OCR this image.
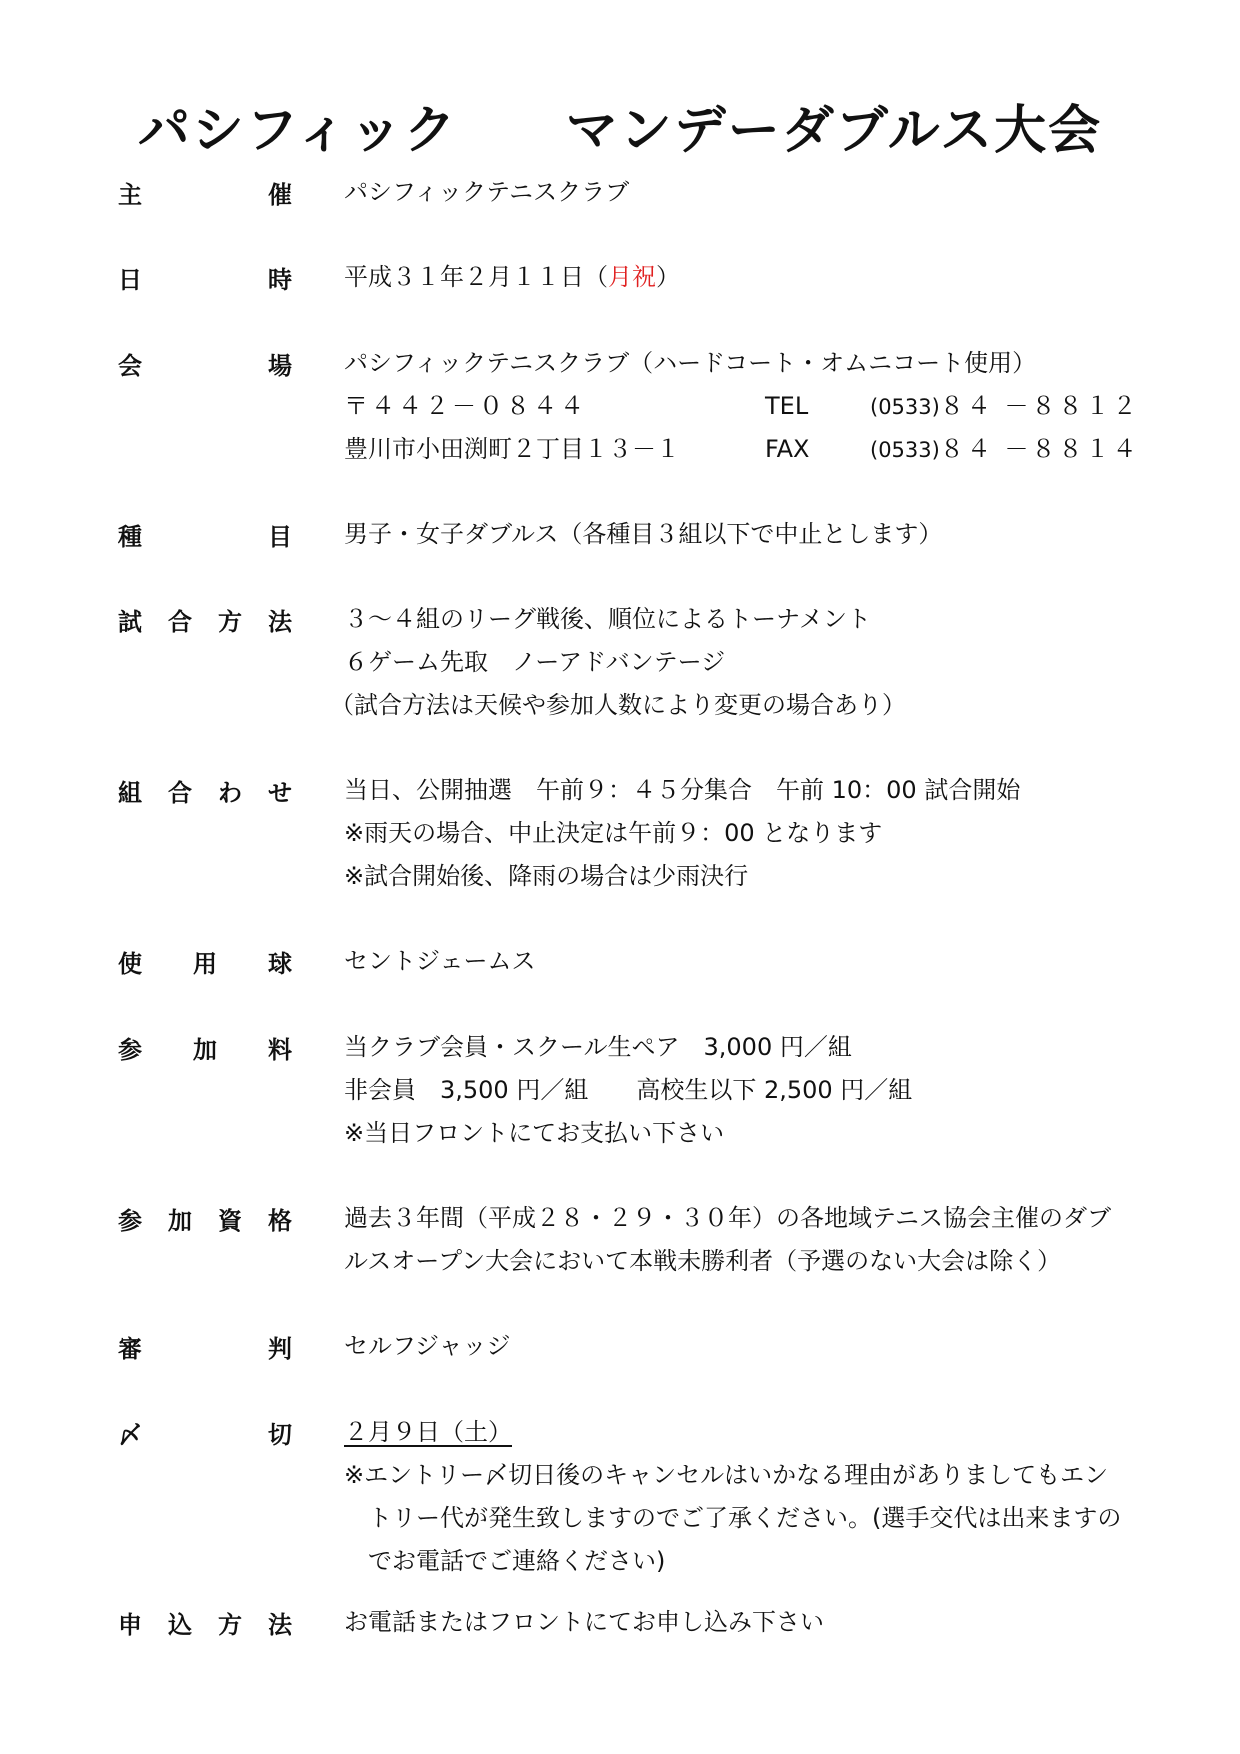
パシフィック　　マンデーダブルス大会
主	催 パシフィックテニスクラブ
日	時 平成３１年２月１１日（月祝）
会	場 パシフィックテニスクラブ（ハードコート・オムニコート使用）
〒４４２－０８４４	TEL	(0533)８４ －８８１２
豊川市小田渕町２丁目１３－１	FAX	(0533)８４ －８８１４
種	目 男子・女子ダブルス（各種目３組以下で中止とします）
試 合 方 法 ３～４組のリーグ戦後、順位によるトーナメント
６ゲーム先取　ノーアドバンテージ
（試合方法は天候や参加人数により変更の場合あり）
組 合 わ せ 当日、公開抽選　午前９：４５分集合　午前 10：00 試合開始
※雨天の場合、中止決定は午前９：00 となります
※試合開始後、降雨の場合は少雨決行
使 用 球 セントジェームス
参 加 料 当クラブ会員・スクール生ペア　3,000 円／組
非会員　3,500 円／組　　高校生以下 2,500 円／組
※当日フロントにてお支払い下さい
参 加 資 格 過去３年間（平成２８・２９・３０年）の各地域テニス協会主催のダブ
ルスオープン大会において本戦未勝利者（予選のない大会は除く）
審	判 セルフジャッジ
〆	切 ２月９日（土）
※エントリー〆切日後のキャンセルはいかなる理由がありましてもエン
トリー代が発生致しますのでご了承ください。(選手交代は出来ますの
でお電話でご連絡ください)
申 込 方 法 お電話またはフロントにてお申し込み下さい
